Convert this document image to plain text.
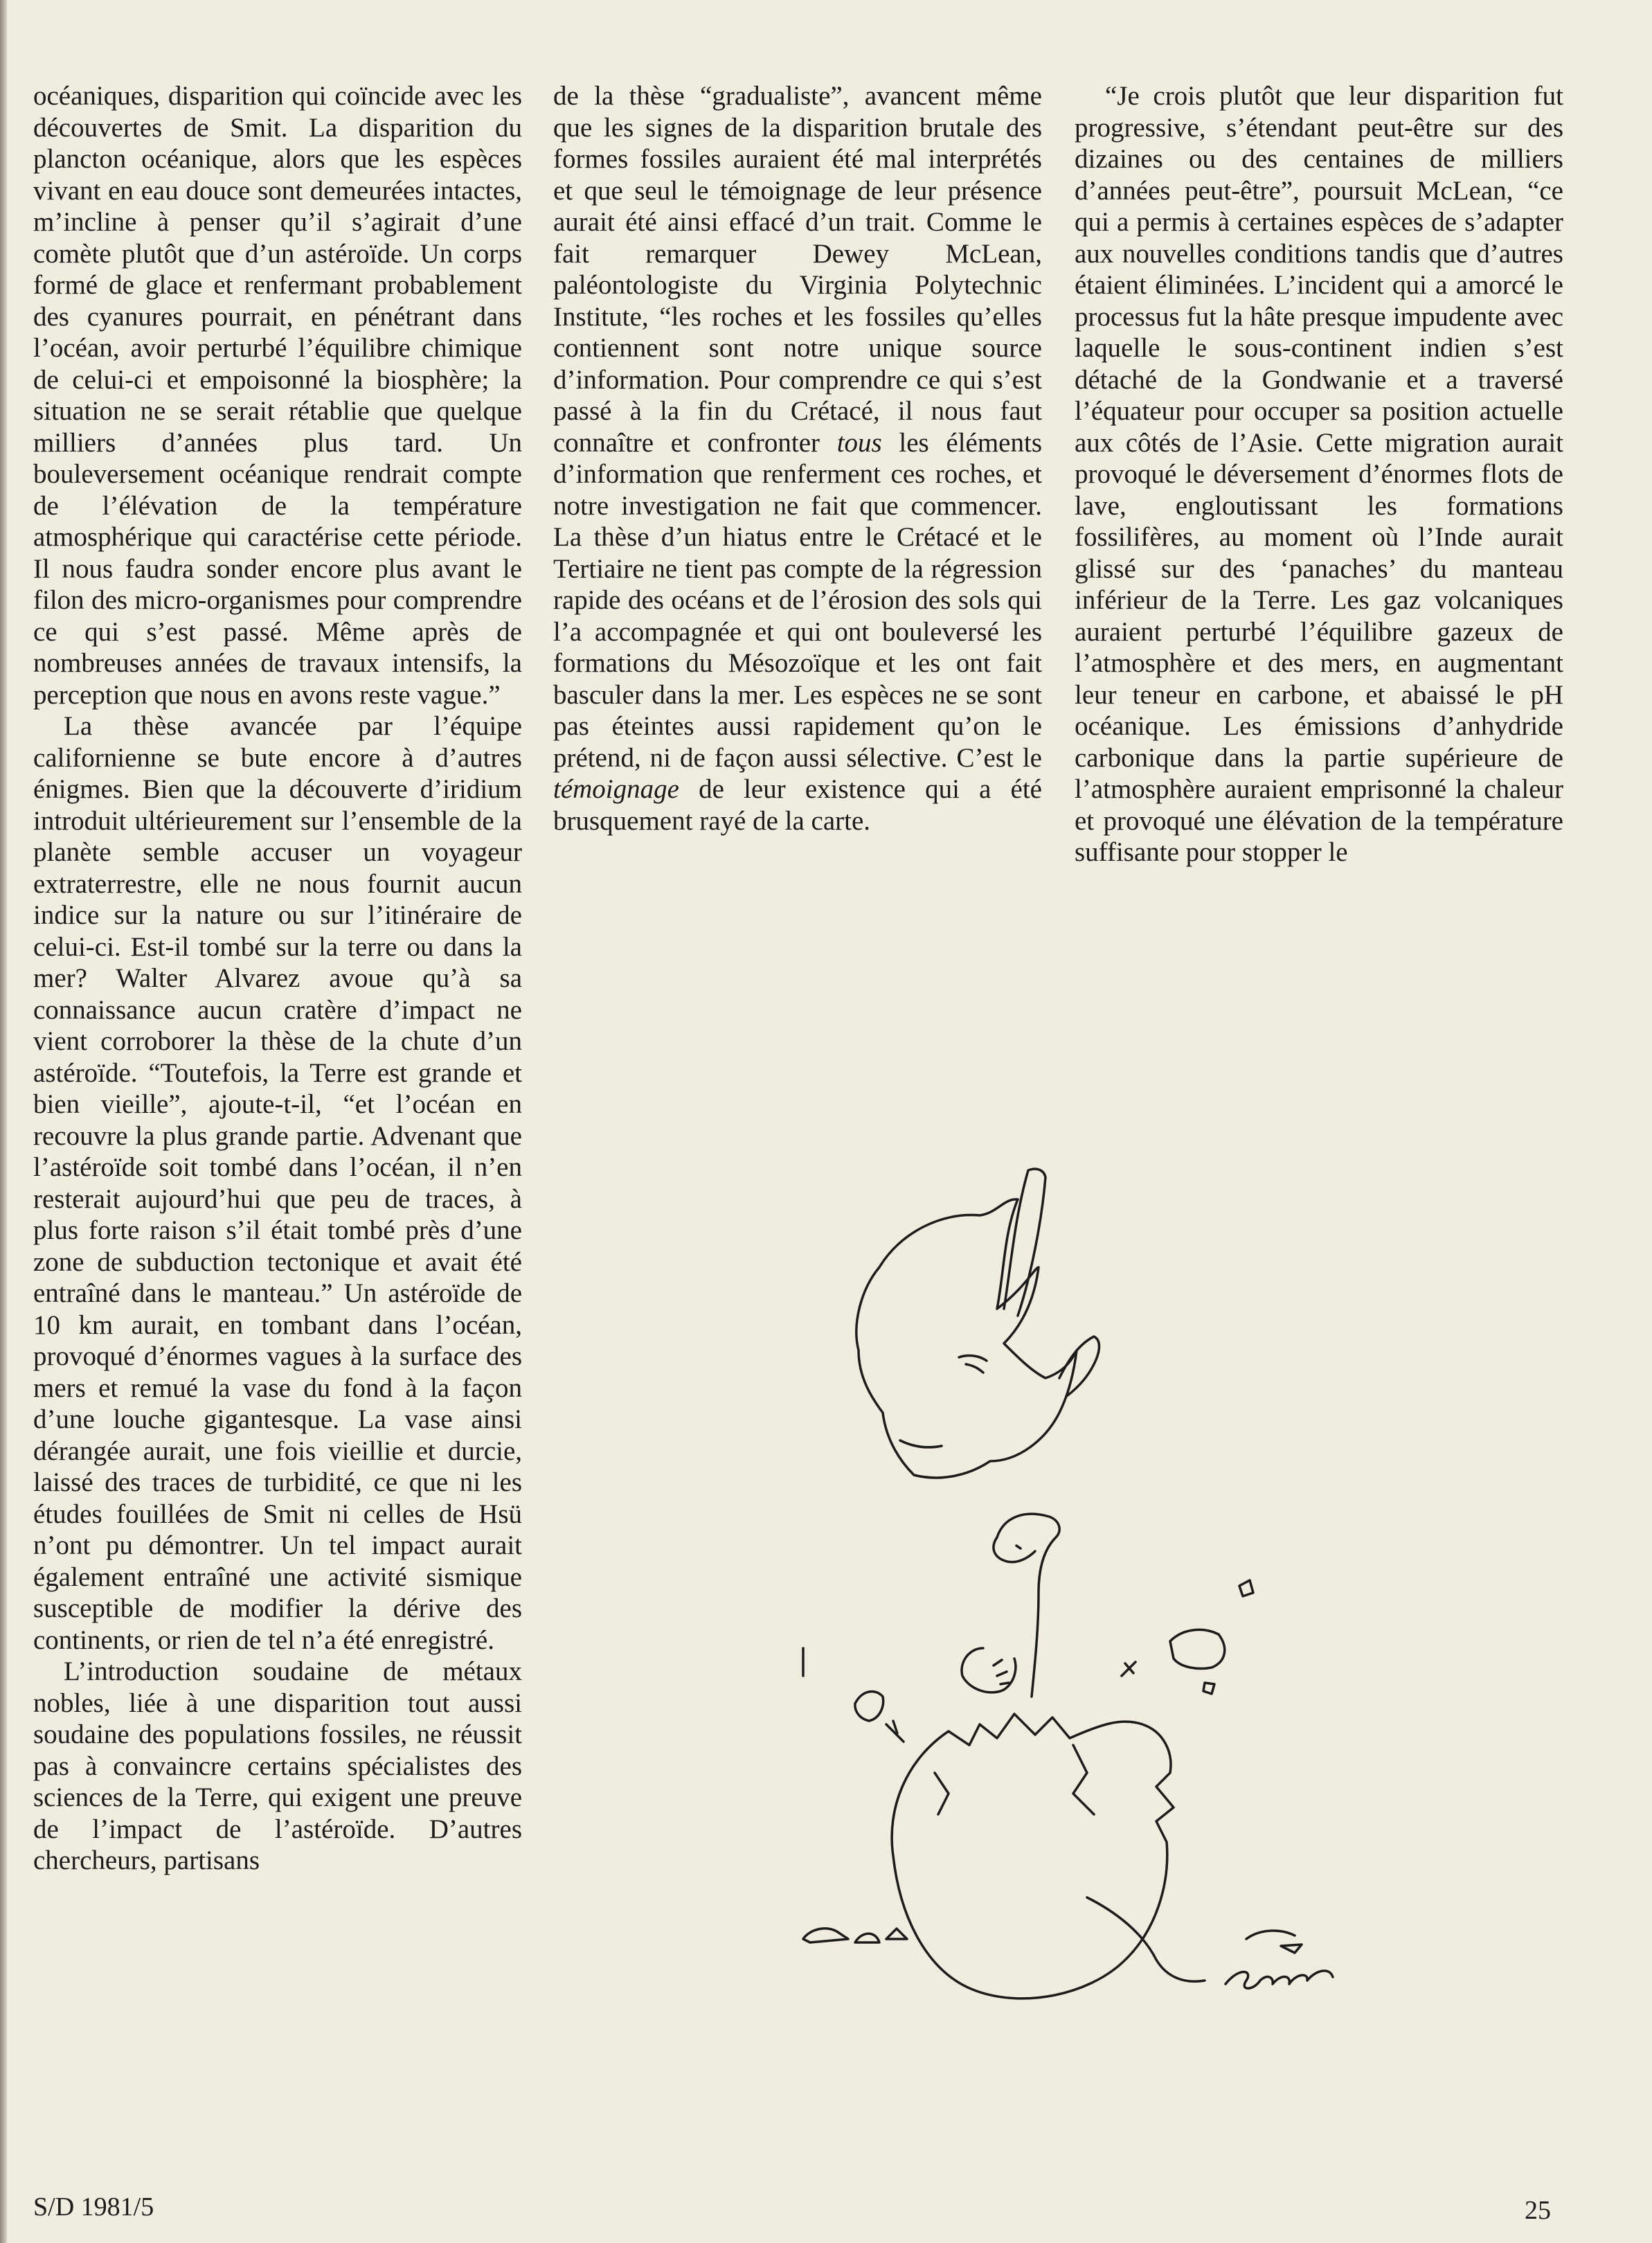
océaniques, disparition qui coïncide avec les découvertes de Smit. La disparition du plancton océanique, alors que les espèces vivant en eau douce sont demeurées intactes, m’incline à penser qu’il s’agirait d’une comète plutôt que d’un astéroïde. Un corps formé de glace et renfermant probablement des cyanures pourrait, en pénétrant dans l’océan, avoir perturbé l’équilibre chimique de celui-ci et empoisonné la biosphère; la situation ne se serait rétablie que quelque milliers d’années plus tard. Un bouleversement océanique rendrait compte de l’élévation de la température atmosphérique qui caractérise cette période. Il nous faudra sonder encore plus avant le filon des micro-organismes pour comprendre ce qui s’est passé. Même après de nombreuses années de travaux intensifs, la perception que nous en avons reste vague.”

La thèse avancée par l’équipe californienne se bute encore à d’autres énigmes. Bien que la découverte d’iridium introduit ultérieurement sur l’ensemble de la planète semble accuser un voyageur extraterrestre, elle ne nous fournit aucun indice sur la nature ou sur l’itinéraire de celui-ci. Est-il tombé sur la terre ou dans la mer? Walter Alvarez avoue qu’à sa connaissance aucun cratère d’impact ne vient corroborer la thèse de la chute d’un astéroïde. “Toutefois, la Terre est grande et bien vieille”, ajoute-t-il, “et l’océan en recouvre la plus grande partie. Advenant que l’astéroïde soit tombé dans l’océan, il n’en resterait aujourd’hui que peu de traces, à plus forte raison s’il était tombé près d’une zone de subduction tectonique et avait été entraîné dans le manteau.” Un astéroïde de 10 km aurait, en tombant dans l’océan, provoqué d’énormes vagues à la surface des mers et remué la vase du fond à la façon d’une louche gigantesque. La vase ainsi dérangée aurait, une fois vieillie et durcie, laissé des traces de turbidité, ce que ni les études fouillées de Smit ni celles de Hsü n’ont pu démontrer. Un tel impact aurait également entraîné une activité sismique susceptible de modifier la dérive des continents, or rien de tel n’a été enregistré.

L’introduction soudaine de métaux nobles, liée à une disparition tout aussi soudaine des populations fossiles, ne réussit pas à convaincre certains spécialistes des sciences de la Terre, qui exigent une preuve de l’impact de l’astéroïde. D’autres chercheurs, partisans

de la thèse “gradualiste”, avancent même que les signes de la disparition brutale des formes fossiles auraient été mal interprétés et que seul le témoignage de leur présence aurait été ainsi effacé d’un trait. Comme le fait remarquer Dewey McLean, paléontologiste du Virginia Polytechnic Institute, “les roches et les fossiles qu’elles contiennent sont notre unique source d’information. Pour comprendre ce qui s’est passé à la fin du Crétacé, il nous faut connaître et confronter tous les éléments d’information que renferment ces roches, et notre investigation ne fait que commencer. La thèse d’un hiatus entre le Crétacé et le Tertiaire ne tient pas compte de la régression rapide des océans et de l’érosion des sols qui l’a accompagnée et qui ont bouleversé les formations du Mésozoïque et les ont fait basculer dans la mer. Les espèces ne se sont pas éteintes aussi rapidement qu’on le prétend, ni de façon aussi sélective. C’est le témoignage de leur existence qui a été brusquement rayé de la carte.

“Je crois plutôt que leur disparition fut progressive, s’étendant peut-être sur des dizaines ou des centaines de milliers d’années peut-être”, poursuit McLean, “ce qui a permis à certaines espèces de s’adapter aux nouvelles conditions tandis que d’autres étaient éliminées. L’incident qui a amorcé le processus fut la hâte presque impudente avec laquelle le sous-continent indien s’est détaché de la Gondwanie et a traversé l’équateur pour occuper sa position actuelle aux côtés de l’Asie. Cette migration aurait provoqué le déversement d’énormes flots de lave, engloutissant les formations fossilifères, au moment où l’Inde aurait glissé sur des ‘panaches’ du manteau inférieur de la Terre. Les gaz volcaniques auraient perturbé l’équilibre gazeux de l’atmosphère et des mers, en augmentant leur teneur en carbone, et abaissé le pH océanique. Les émissions d’anhydride carbonique dans la partie supérieure de l’atmosphère auraient emprisonné la chaleur et provoqué une élévation de la température suffisante pour stopper le

S/D 1981/5	25
